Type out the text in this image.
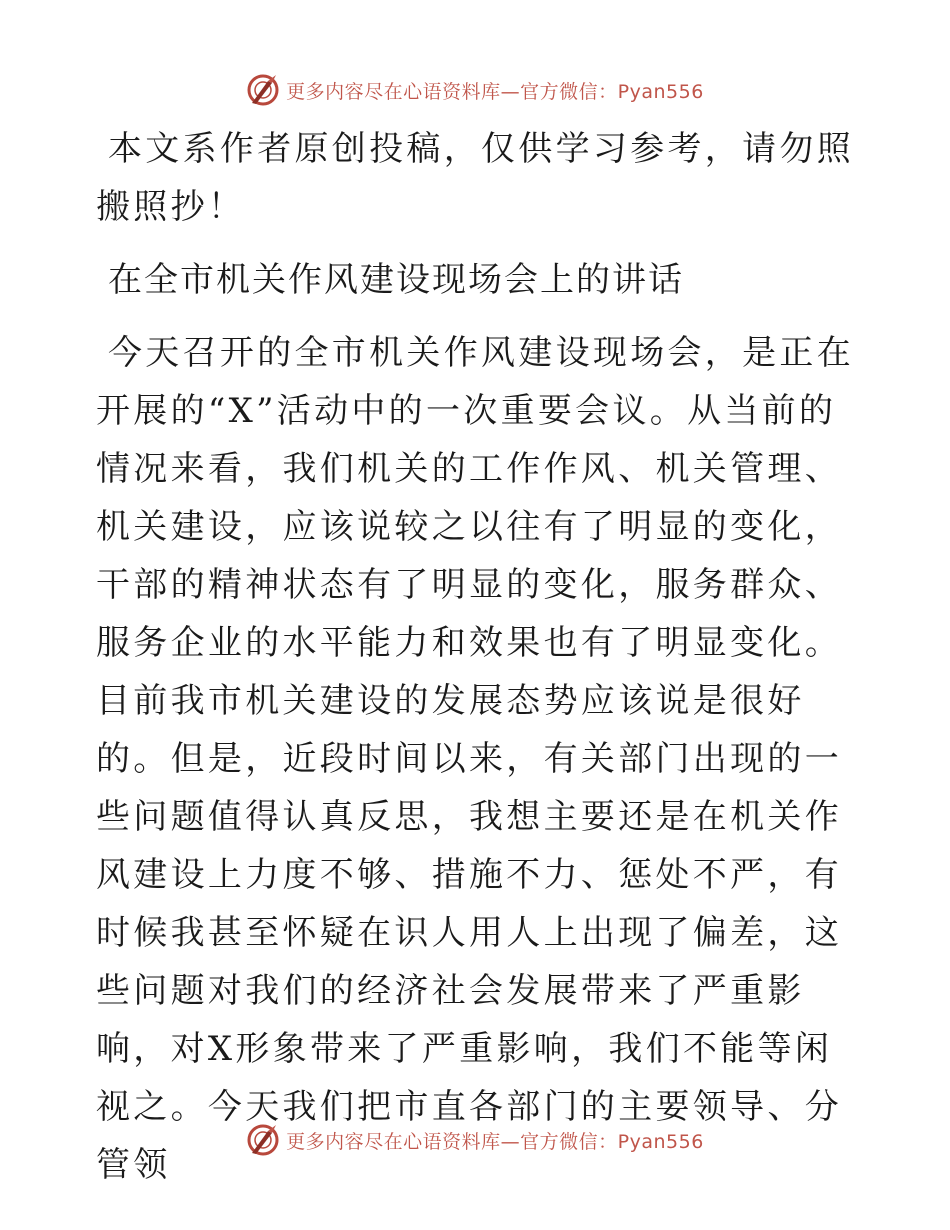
更多内容尽在心语资料库—官方微信：Pyan556

本文系作者原创投稿，仅供学习参考，请勿照搬照抄！

在全市机关作风建设现场会上的讲话

今天召开的全市机关作风建设现场会，是正在开展的“X”活动中的一次重要会议。从当前的情况来看，我们机关的工作作风、机关管理、机关建设，应该说较之以往有了明显的变化，干部的精神状态有了明显的变化，服务群众、服务企业的水平能力和效果也有了明显变化。目前我市机关建设的发展态势应该说是很好的。但是，近段时间以来，有关部门出现的一些问题值得认真反思，我想主要还是在机关作风建设上力度不够、措施不力、惩处不严，有时候我甚至怀疑在识人用人上出现了偏差，这些问题对我们的经济社会发展带来了严重影响，对X形象带来了严重影响，我们不能等闲视之。今天我们把市直各部门的主要领导、分管领

更多内容尽在心语资料库—官方微信：Pyan556
